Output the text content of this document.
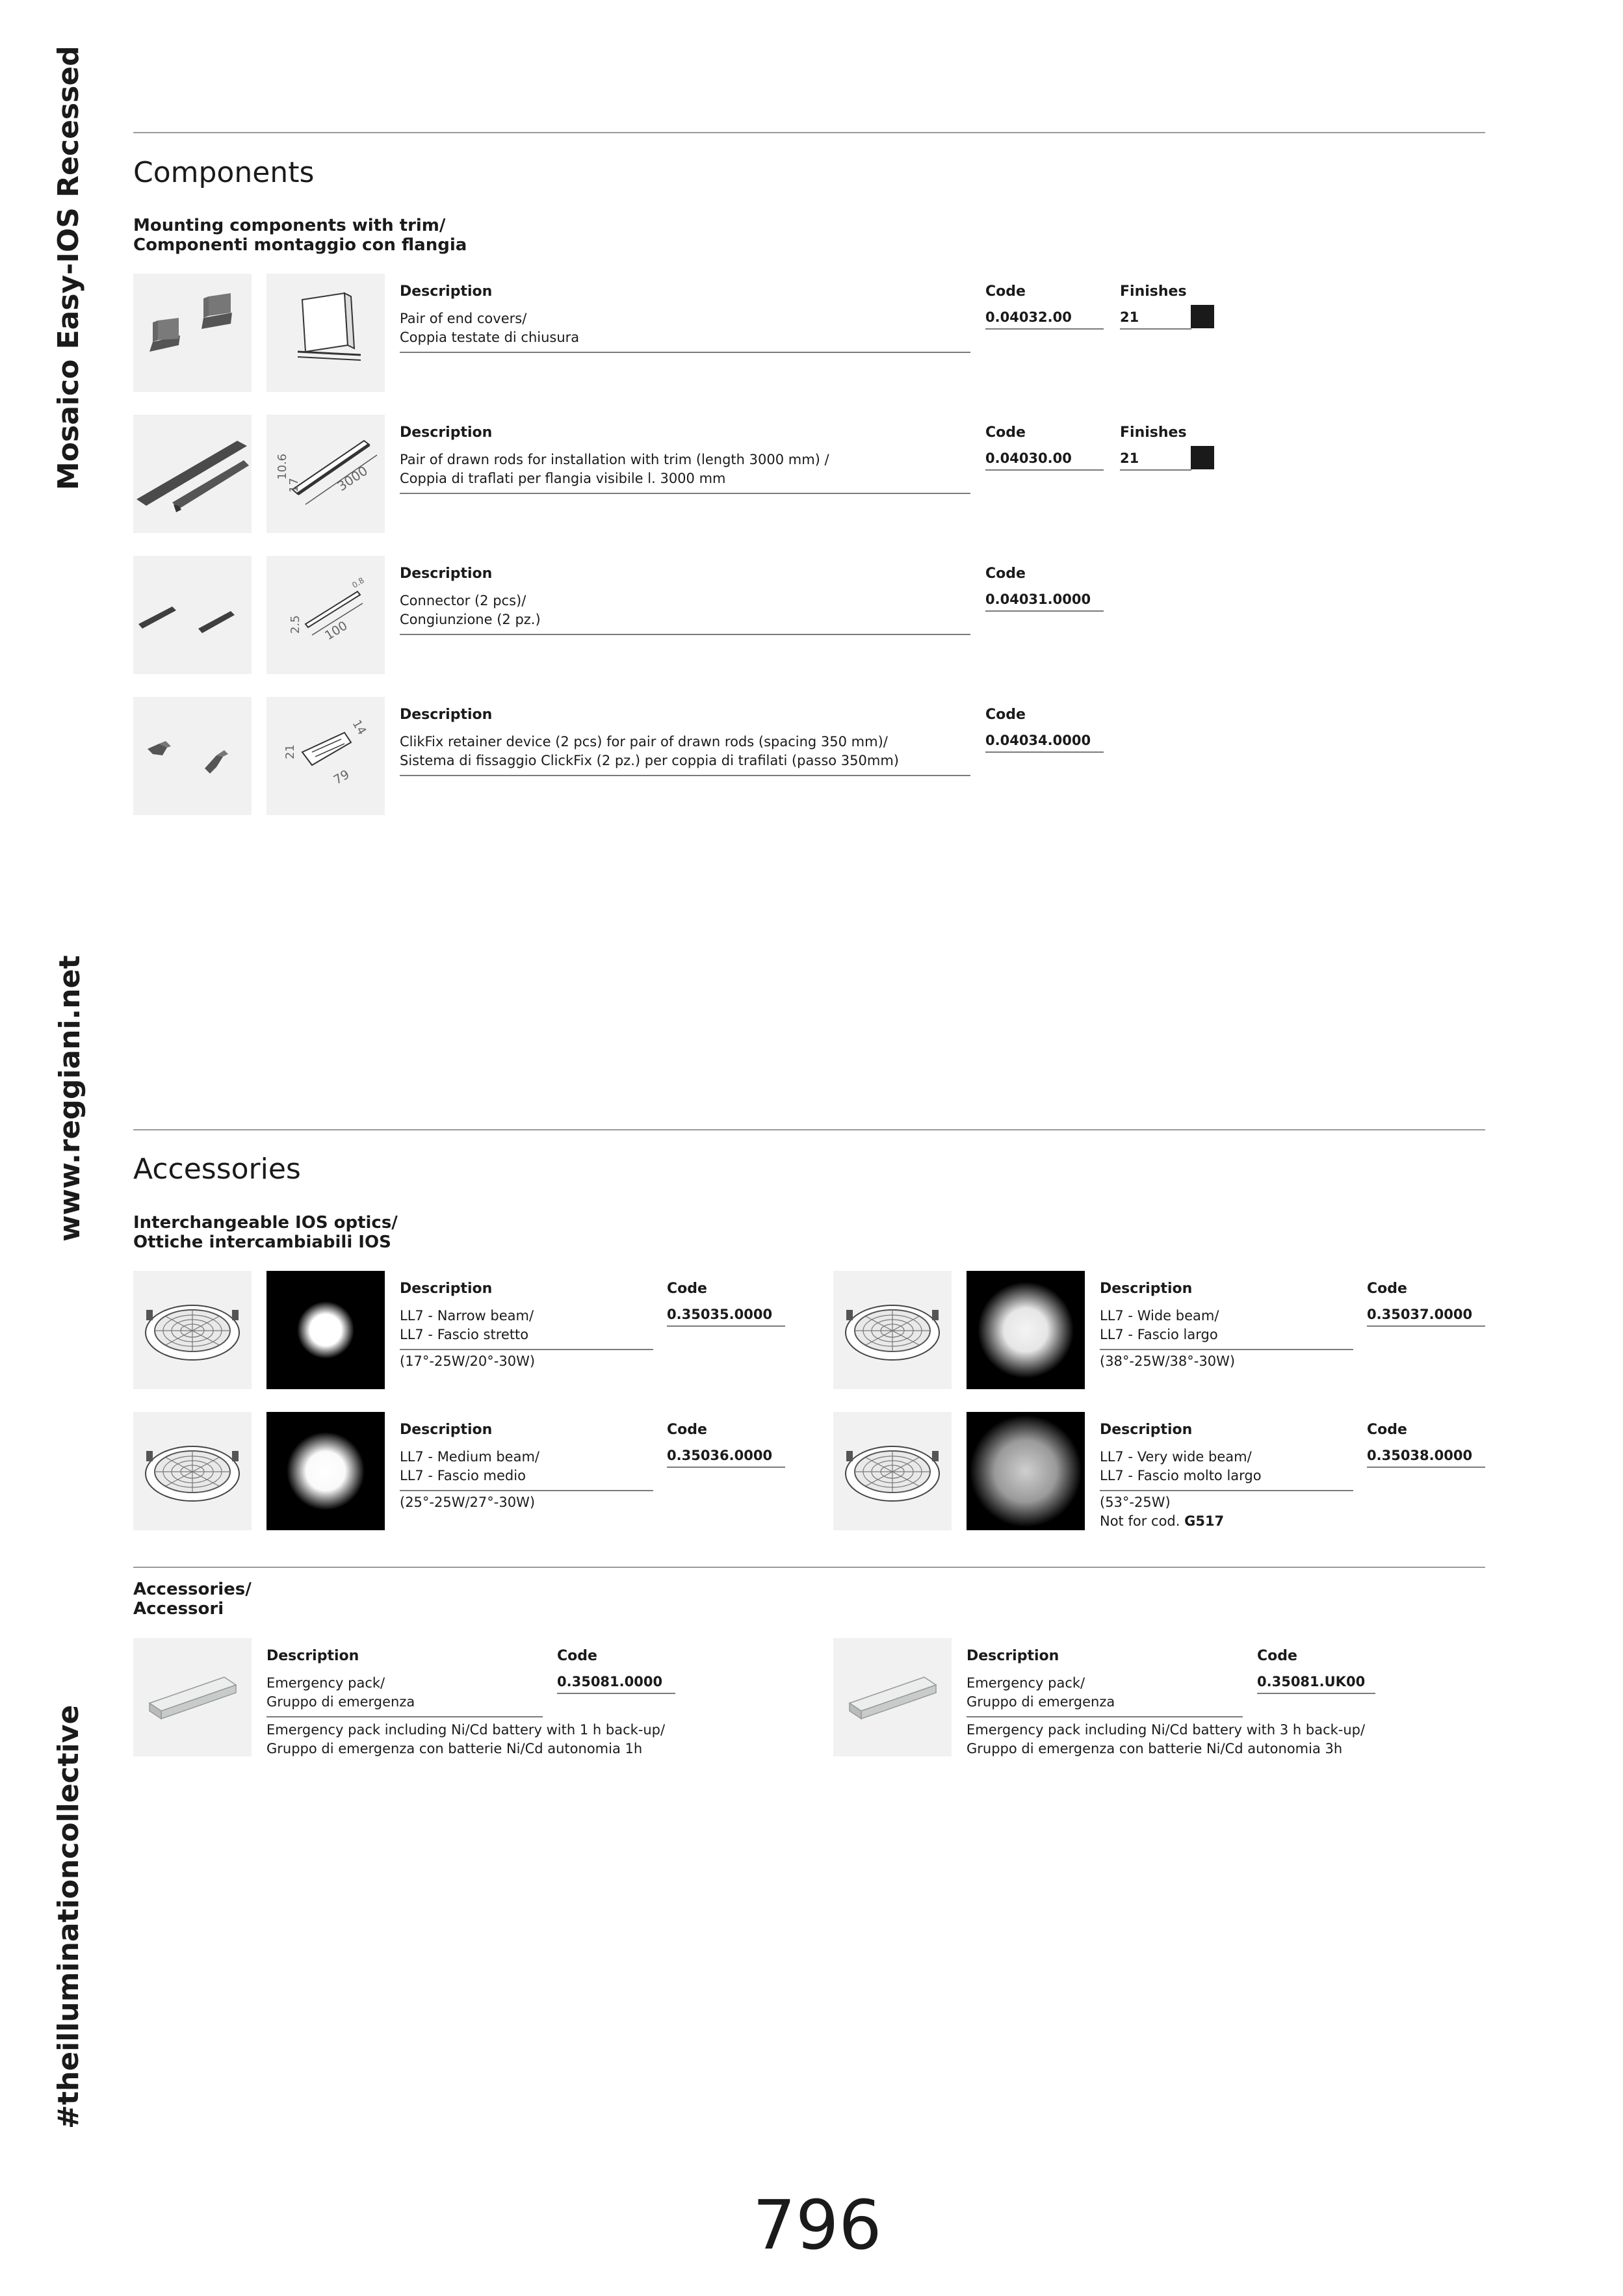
Mosaico Easy-IOS Recessed
www.reggiani.net
#theilluminationcollective
Components
Mounting components with trim/
Componenti montaggio con flangia
Description
Pair of end covers/
Coppia testate di chiusura
Code
0.04032.00
Finishes
21
3000
10.6
17
Description
Pair of drawn rods for installation with trim (length 3000 mm) /
Coppia di traflati per flangia visibile l. 3000 mm
Code
0.04030.00
Finishes
21
100
2.5
0.8
Description
Connector (2 pcs)/
Congiunzione (2 pz.)
Code
0.04031.0000
79
21
14
Description
ClikFix retainer device (2 pcs) for pair of drawn rods (spacing 350 mm)/
Sistema di fissaggio ClickFix (2 pz.) per coppia di trafilati (passo 350mm)
Code
0.04034.0000
Accessories
Interchangeable IOS optics/
Ottiche intercambiabili IOS
Description
LL7 - Narrow beam/
LL7 - Fascio stretto
(17°-25W/20°-30W)
Code
0.35035.0000
Description
LL7 - Wide beam/
LL7 - Fascio largo
(38°-25W/38°-30W)
Code
0.35037.0000
Description
LL7 - Medium beam/
LL7 - Fascio medio
(25°-25W/27°-30W)
Code
0.35036.0000
Description
LL7 - Very wide beam/
LL7 - Fascio molto largo
(53°-25W)
Not for cod. G517
Code
0.35038.0000
Accessories/
Accessori
Description
Emergency pack/
Gruppo di emergenza
Emergency pack including Ni/Cd battery with 1 h back-up/
Gruppo di emergenza con batterie Ni/Cd autonomia 1h
Code
0.35081.0000
Description
Emergency pack/
Gruppo di emergenza
Emergency pack including Ni/Cd battery with 3 h back-up/
Gruppo di emergenza con batterie Ni/Cd autonomia 3h
Code
0.35081.UK00
796
